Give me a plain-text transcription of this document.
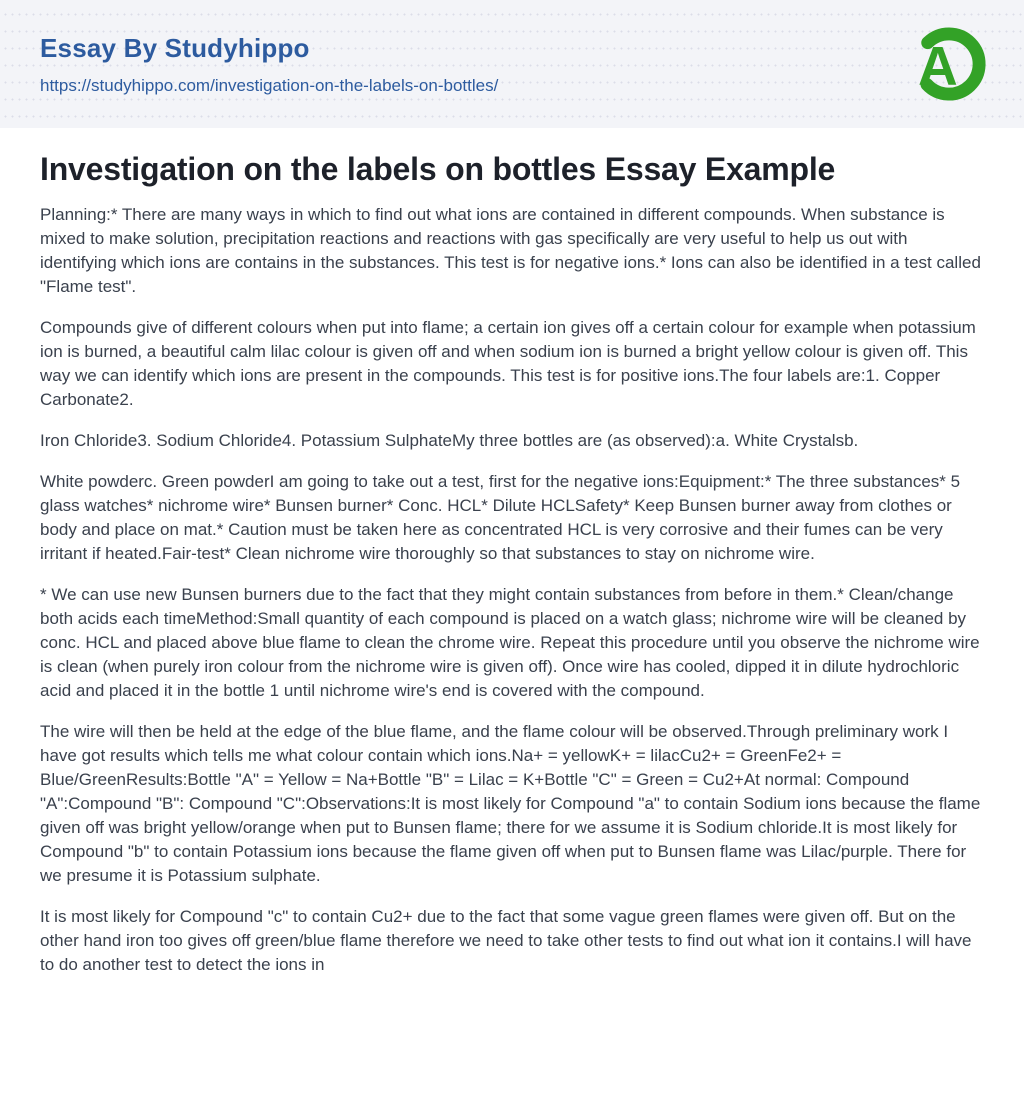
Essay By Studyhippo
https://studyhippo.com/investigation-on-the-labels-on-bottles/	A
Investigation on the labels on bottles Essay Example

Planning:* There are many ways in which to find out what ions are contained in different compounds. When substance is mixed to make solution, precipitation reactions and reactions with gas specifically are very useful to help us out with identifying which ions are contains in the substances. This test is for negative ions.* Ions can also be identified in a test called "Flame test".

Compounds give of different colours when put into flame; a certain ion gives off a certain colour for example when potassium ion is burned, a beautiful calm lilac colour is given off and when sodium ion is burned a bright yellow colour is given off. This way we can identify which ions are present in the compounds. This test is for positive ions.The four labels are:1. Copper Carbonate2.

Iron Chloride3. Sodium Chloride4. Potassium SulphateMy three bottles are (as observed):a. White Crystalsb.

White powderc. Green powderI am going to take out a test, first for the negative ions:Equipment:* The three substances* 5 glass watches* nichrome wire* Bunsen burner* Conc. HCL* Dilute HCLSafety* Keep Bunsen burner away from clothes or body and place on mat.* Caution must be taken here as concentrated HCL is very corrosive and their fumes can be very irritant if heated.Fair-test* Clean nichrome wire thoroughly so that substances to stay on nichrome wire.

* We can use new Bunsen burners due to the fact that they might contain substances from before in them.* Clean/change both acids each timeMethod:Small quantity of each compound is placed on a watch glass; nichrome wire will be cleaned by conc. HCL and placed above blue flame to clean the chrome wire. Repeat this procedure until you observe the nichrome wire is clean (when purely iron colour from the nichrome wire is given off). Once wire has cooled, dipped it in dilute hydrochloric acid and placed it in the bottle 1 until nichrome wire's end is covered with the compound.

The wire will then be held at the edge of the blue flame, and the flame colour will be observed.Through preliminary work I have got results which tells me what colour contain which ions.Na+ = yellowK+ = lilacCu2+ = GreenFe2+ = Blue/GreenResults:Bottle "A" = Yellow = Na+Bottle "B" = Lilac = K+Bottle "C" = Green = Cu2+At normal: Compound "A":Compound "B": Compound "C":Observations:It is most likely for Compound "a" to contain Sodium ions because the flame given off was bright yellow/orange when put to Bunsen flame; there for we assume it is Sodium chloride.It is most likely for Compound "b" to contain Potassium ions because the flame given off when put to Bunsen flame was Lilac/purple. There for we presume it is Potassium sulphate.

It is most likely for Compound "c" to contain Cu2+ due to the fact that some vague green flames were given off. But on the other hand iron too gives off green/blue flame therefore we need to take other tests to find out what ion it contains.I will have to do another test to detect the ions in
